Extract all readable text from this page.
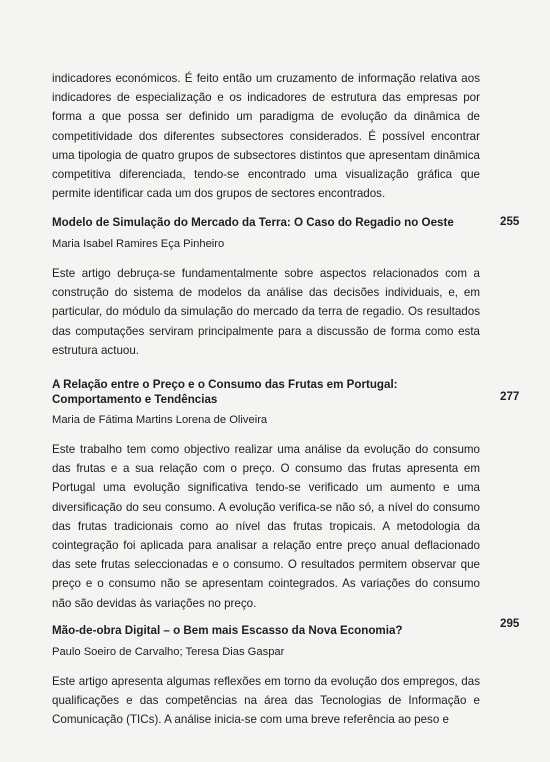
indicadores económicos. É feito então um cruzamento de informação relativa aos indicadores de especialização e os indicadores de estrutura das empresas por forma a que possa ser definido um paradigma de evolução da dinâmica de competitividade dos diferentes subsectores considerados. É possível encontrar uma tipologia de quatro grupos de subsectores distintos que apresentam dinâmica competitiva diferenciada, tendo-se encontrado uma visualização gráfica que permite identificar cada um dos grupos de sectores encontrados.

Modelo de Simulação do Mercado da Terra: O Caso do Regadio no Oeste	255

Maria Isabel Ramires Eça Pinheiro

Este artigo debruça-se fundamentalmente sobre aspectos relacionados com a construção do sistema de modelos da análise das decisões individuais, e, em particular, do módulo da simulação do mercado da terra de regadio. Os resultados das computações serviram principalmente para a discussão de forma como esta estrutura actuou.

A Relação entre o Preço e o Consumo das Frutas em Portugal: Comportamento e Tendências	277

Maria de Fátima Martins Lorena de Oliveira

Este trabalho tem como objectivo realizar uma análise da evolução do consumo das frutas e a sua relação com o preço. O consumo das frutas apresenta em Portugal uma evolução significativa tendo-se verificado um aumento e uma diversificação do seu consumo. A evolução verifica-se não só, a nível do consumo das frutas tradicionais como ao nível das frutas tropicais. A metodologia da cointegração foi aplicada para analisar a relação entre preço anual deflacionado das sete frutas seleccionadas e o consumo. O resultados permitem observar que preço e o consumo não se apresentam cointegrados. As variações do consumo não são devidas às variações no preço.

Mão-de-obra Digital – o Bem mais Escasso da Nova Economia?

295

Paulo Soeiro de Carvalho; Teresa Dias Gaspar

Este artigo apresenta algumas reflexões em torno da evolução dos empregos, das qualificações e das competências na área das Tecnologias de Informação e Comunicação (TICs). A análise inicia-se com uma breve referência ao peso e
